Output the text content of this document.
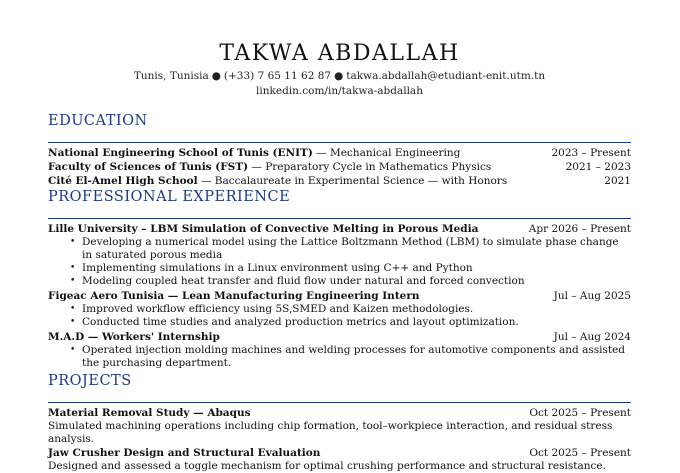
TAKWA ABDALLAH
Tunis, Tunisia ● (+33) 7 65 11 62 87 ● takwa.abdallah@etudiant-enit.utm.tn
linkedin.com/in/takwa-abdallah
EDUCATION
National Engineering School of Tunis (ENIT) — Mechanical Engineering	2023 – Present
Faculty of Sciences of Tunis (FST) — Preparatory Cycle in Mathematics Physics	2021 – 2023
Cité El-Amel High School — Baccalaureate in Experimental Science — with Honors	2021
PROFESSIONAL EXPERIENCE
Lille University – LBM Simulation of Convective Melting in Porous Media	Apr 2026 – Present
• Developing a numerical model using the Lattice Boltzmann Method (LBM) to simulate phase change in saturated porous media
• Implementing simulations in a Linux environment using C++ and Python
• Modeling coupled heat transfer and fluid flow under natural and forced convection
Figeac Aero Tunisia — Lean Manufacturing Engineering Intern	Jul – Aug 2025
• Improved workflow efficiency using 5S,SMED and Kaizen methodologies.
• Conducted time studies and analyzed production metrics and layout optimization.
M.A.D — Workers' Internship	Jul – Aug 2024
• Operated injection molding machines and welding processes for automotive components and assisted the purchasing department.
PROJECTS
Material Removal Study — Abaqus	Oct 2025 – Present
Simulated machining operations including chip formation, tool–workpiece interaction, and residual stress analysis.
Jaw Crusher Design and Structural Evaluation	Oct 2025 – Present
Designed and assessed a toggle mechanism for optimal crushing performance and structural resistance.
